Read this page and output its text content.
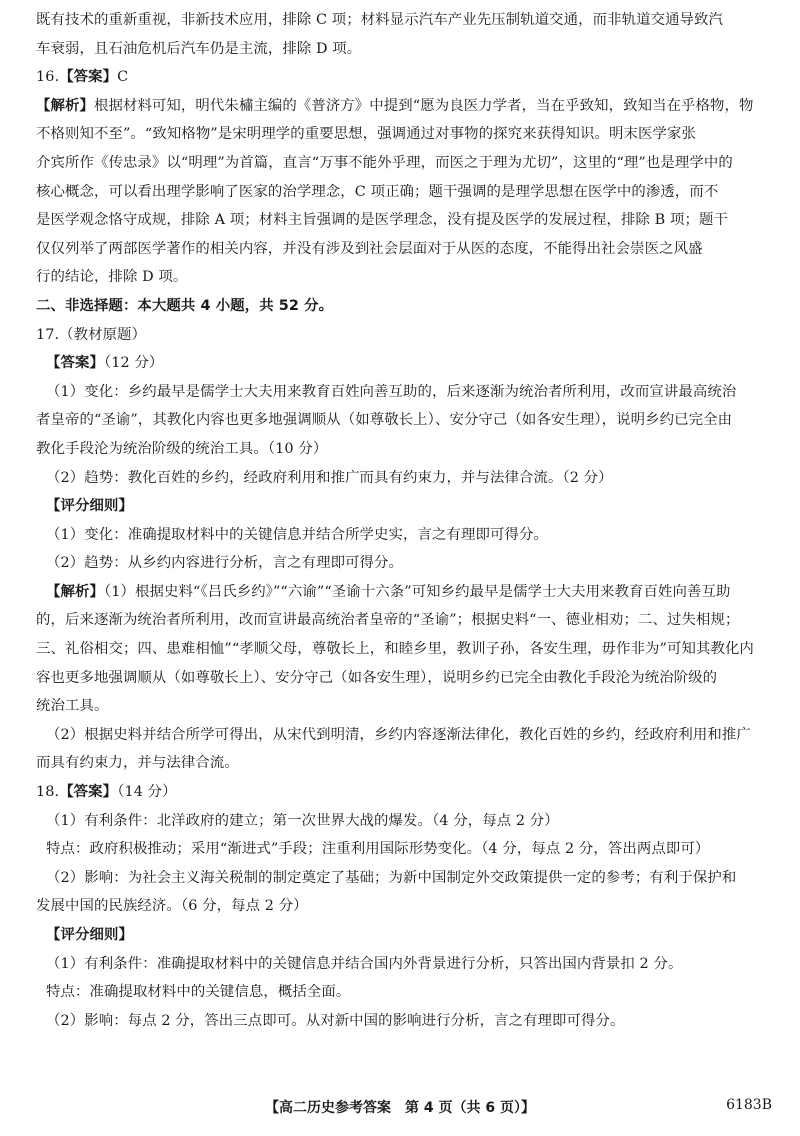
既有技术的重新重视，非新技术应用，排除 C 项；材料显示汽车产业先压制轨道交通，而非轨道交通导致汽
车衰弱，且石油危机后汽车仍是主流，排除 D 项。
16.【答案】C
【解析】根据材料可知，明代朱橚主编的《普济方》中提到“愿为良医力学者，当在乎致知，致知当在乎格物，物
不格则知不至”。“致知格物”是宋明理学的重要思想，强调通过对事物的探究来获得知识。明末医学家张
介宾所作《传忠录》以“明理”为首篇，直言“万事不能外乎理，而医之于理为尤切”，这里的“理”也是理学中的
核心概念，可以看出理学影响了医家的治学理念，C 项正确；题干强调的是理学思想在医学中的渗透，而不
是医学观念恪守成规，排除 A 项；材料主旨强调的是医学理念，没有提及医学的发展过程，排除 B 项；题干
仅仅列举了两部医学著作的相关内容，并没有涉及到社会层面对于从医的态度，不能得出社会崇医之风盛
行的结论，排除 D 项。
二、非选择题：本大题共 4 小题，共 52 分。
17.（教材原题）
【答案】（12 分）
（1）变化：乡约最早是儒学士大夫用来教育百姓向善互助的，后来逐渐为统治者所利用，改而宣讲最高统治
者皇帝的“圣谕”，其教化内容也更多地强调顺从（如尊敬长上）、安分守己（如各安生理），说明乡约已完全由
教化手段沦为统治阶级的统治工具。（10 分）
（2）趋势：教化百姓的乡约，经政府利用和推广而具有约束力，并与法律合流。（2 分）
【评分细则】
（1）变化：准确提取材料中的关键信息并结合所学史实，言之有理即可得分。
（2）趋势：从乡约内容进行分析，言之有理即可得分。
【解析】（1）根据史料“《吕氏乡约》”“六谕”“圣谕十六条”可知乡约最早是儒学士大夫用来教育百姓向善互助
的，后来逐渐为统治者所利用，改而宣讲最高统治者皇帝的“圣谕”；根据史料“一、德业相劝；二、过失相规；
三、礼俗相交；四、患难相恤”“孝顺父母，尊敬长上，和睦乡里，教训子孙，各安生理，毋作非为”可知其教化内
容也更多地强调顺从（如尊敬长上）、安分守己（如各安生理），说明乡约已完全由教化手段沦为统治阶级的
统治工具。
（2）根据史料并结合所学可得出，从宋代到明清，乡约内容逐渐法律化，教化百姓的乡约，经政府利用和推广
而具有约束力，并与法律合流。
18.【答案】（14 分）
（1）有利条件：北洋政府的建立；第一次世界大战的爆发。（4 分，每点 2 分）
特点：政府积极推动；采用“渐进式”手段；注重利用国际形势变化。（4 分，每点 2 分，答出两点即可）
（2）影响：为社会主义海关税制的制定奠定了基础；为新中国制定外交政策提供一定的参考；有利于保护和
发展中国的民族经济。（6 分，每点 2 分）
【评分细则】
（1）有利条件：准确提取材料中的关键信息并结合国内外背景进行分析，只答出国内背景扣 2 分。
特点：准确提取材料中的关键信息，概括全面。
（2）影响：每点 2 分，答出三点即可。从对新中国的影响进行分析，言之有理即可得分。
【高二历史参考答案　第 4 页（共 6 页）】	6183B
